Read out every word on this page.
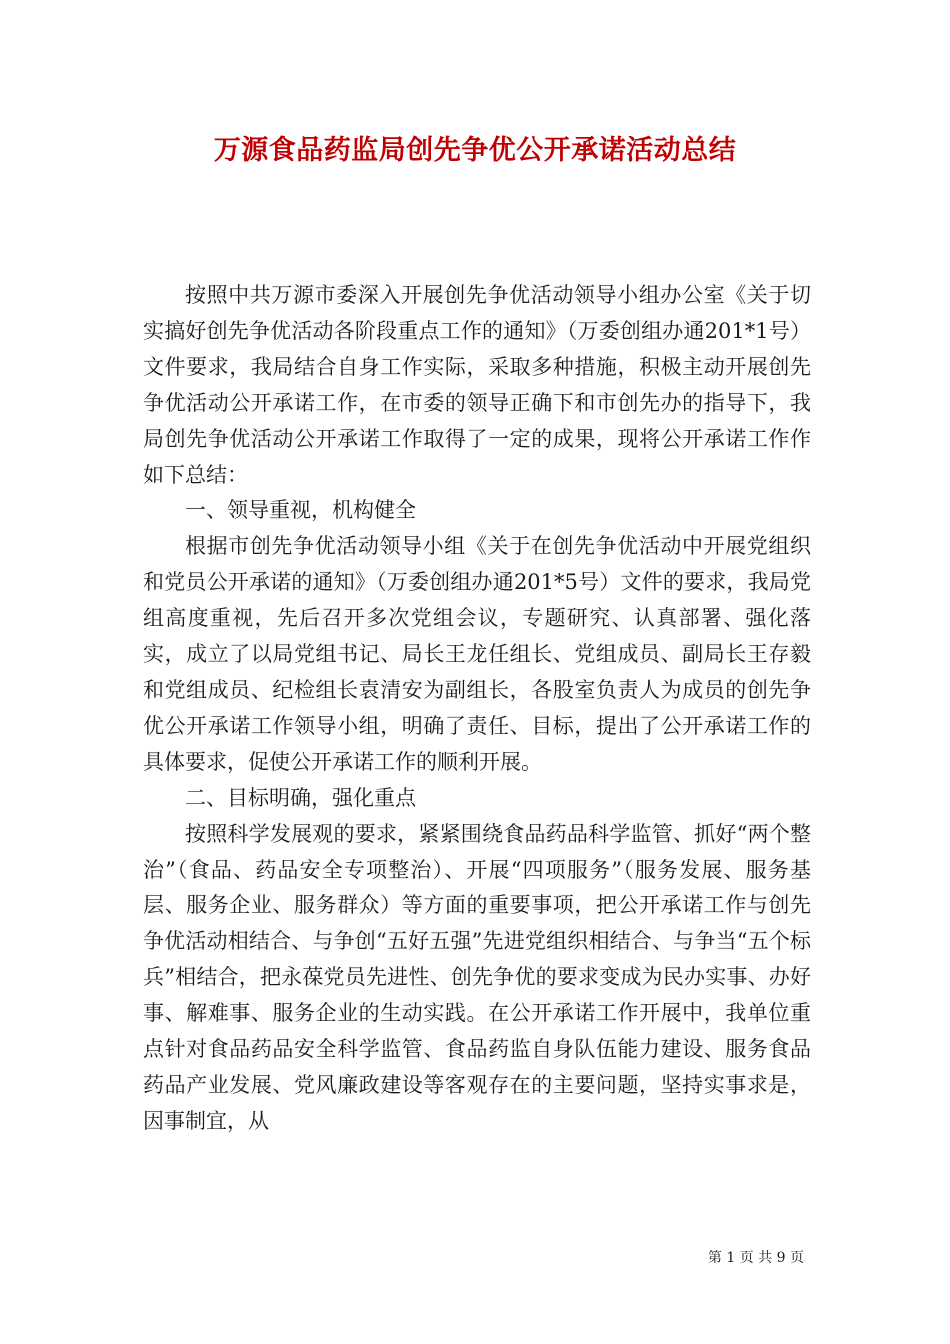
万源食品药监局创先争优公开承诺活动总结

按照中共万源市委深入开展创先争优活动领导小组办公室《关于切实搞好创先争优活动各阶段重点工作的通知》（万委创组办通201*1号）文件要求，我局结合自身工作实际，采取多种措施，积极主动开展创先争优活动公开承诺工作，在市委的领导正确下和市创先办的指导下，我局创先争优活动公开承诺工作取得了一定的成果，现将公开承诺工作作如下总结：

一、领导重视，机构健全

根据市创先争优活动领导小组《关于在创先争优活动中开展党组织和党员公开承诺的通知》（万委创组办通201*5号）文件的要求，我局党组高度重视，先后召开多次党组会议，专题研究、认真部署、强化落实，成立了以局党组书记、局长王龙任组长、党组成员、副局长王存毅和党组成员、纪检组长袁清安为副组长，各股室负责人为成员的创先争优公开承诺工作领导小组，明确了责任、目标，提出了公开承诺工作的具体要求，促使公开承诺工作的顺利开展。

二、目标明确，强化重点

按照科学发展观的要求，紧紧围绕食品药品科学监管、抓好“两个整治”（食品、药品安全专项整治）、开展“四项服务”（服务发展、服务基层、服务企业、服务群众）等方面的重要事项，把公开承诺工作与创先争优活动相结合、与争创“五好五强”先进党组织相结合、与争当“五个标兵”相结合，把永葆党员先进性、创先争优的要求变成为民办实事、办好事、解难事、服务企业的生动实践。在公开承诺工作开展中，我单位重点针对食品药品安全科学监管、食品药监自身队伍能力建设、服务食品药品产业发展、党风廉政建设等客观存在的主要问题，坚持实事求是，因事制宜，从

第 1 页 共 9 页
